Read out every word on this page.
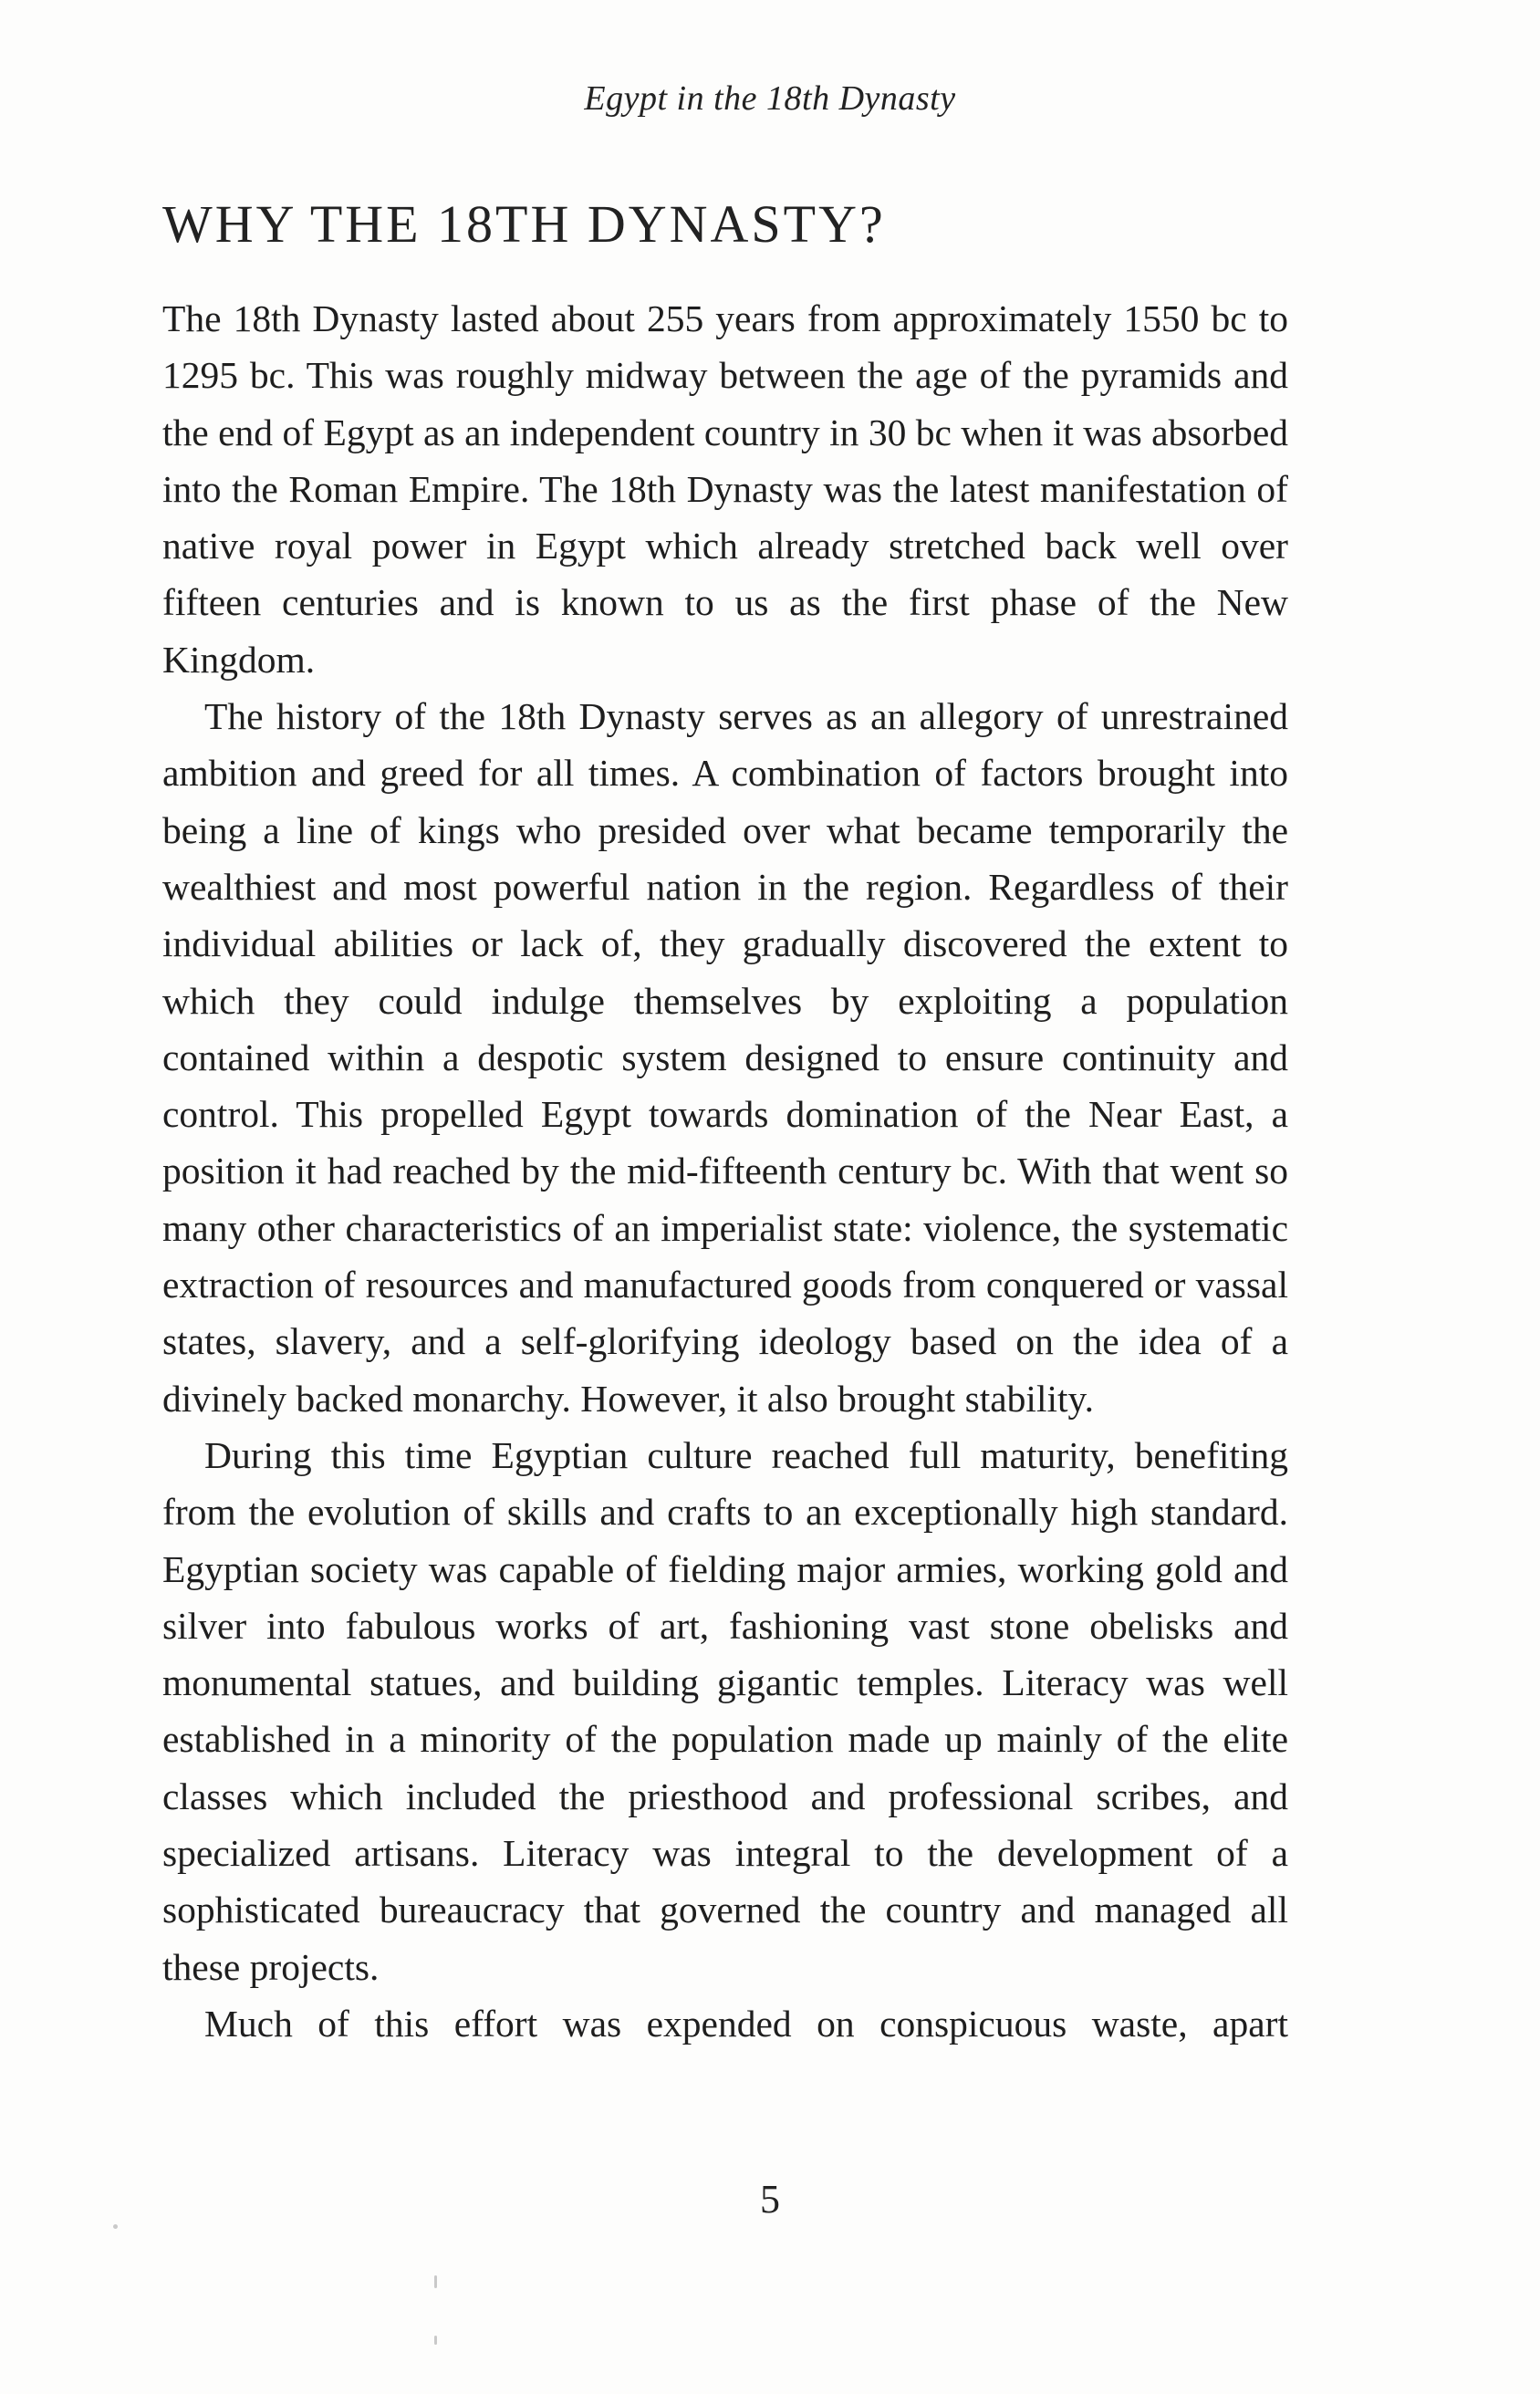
Egypt in the 18th Dynasty
WHY THE 18TH DYNASTY?

The 18th Dynasty lasted about 255 years from approximately 1550 bc to 1295 bc. This was roughly midway between the age of the pyramids and the end of Egypt as an independent country in 30 bc when it was absorbed into the Roman Empire. The 18th Dynasty was the latest manifestation of native royal power in Egypt which already stretched back well over fifteen centuries and is known to us as the first phase of the New Kingdom.

The history of the 18th Dynasty serves as an allegory of unrestrained ambition and greed for all times. A combination of factors brought into being a line of kings who presided over what became temporarily the wealthiest and most powerful nation in the region. Regardless of their individual abilities or lack of, they gradually discovered the extent to which they could indulge themselves by exploiting a population contained within a despotic system designed to ensure continuity and control. This propelled Egypt towards domination of the Near East, a position it had reached by the mid-fifteenth century bc. With that went so many other characteristics of an imperialist state: violence, the systematic extraction of resources and manufactured goods from conquered or vassal states, slavery, and a self-glorifying ideology based on the idea of a divinely backed monarchy. However, it also brought stability.

During this time Egyptian culture reached full maturity, benefiting from the evolution of skills and crafts to an exceptionally high standard. Egyptian society was capable of fielding major armies, working gold and silver into fabulous works of art, fashioning vast stone obelisks and monumental statues, and building gigantic temples. Literacy was well established in a minority of the population made up mainly of the elite classes which included the priesthood and professional scribes, and specialized artisans. Literacy was integral to the development of a sophisticated bureaucracy that governed the country and managed all these projects.

Much of this effort was expended on conspicuous waste, apart

5
